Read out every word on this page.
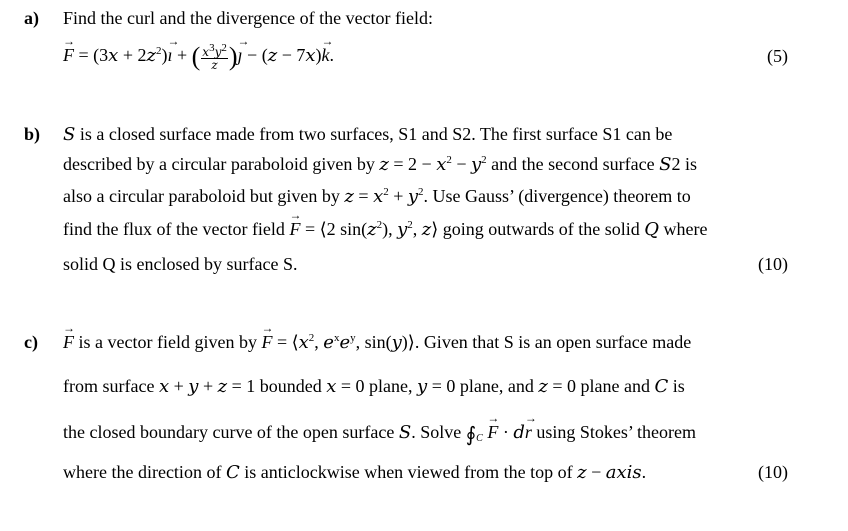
a) Find the curl and the divergence of the vector field:
→ $F = (3x + 2z^2)\to$ ı + ( $\frac{x^3y^2}{z}$ )→ ȷ − (z − 7x)→ k.	(5)
b) S is a closed surface made from two surfaces, S1 and S2. The first surface S1 can be
described by a circular paraboloid given by $z = 2 - x^2 - y^2$ and the second surface S2 is
also a circular paraboloid but given by $z = x^2 + y^2$. Use Gauss’ (divergence) theorem to
find the flux of the vector field → F = ⟨2 $\sin(z^2)$, $y^2$, z⟩ going outwards of the solid Q where
solid Q is enclosed by surface S.	(10)
c) → F is a vector field given by → $F = ⟨x^2$, $e^xe^y$, sin(y)⟩. Given that S is an open surface made
from surface x + y + z = 1 bounded x = 0 plane, y = 0 plane, and z = 0 plane and C is
the closed boundary curve of the open surface S. Solve ∮C → F · d→ r using Stokes’ theorem
where the direction of C is anticlockwise when viewed from the top of z − axis.	(10)
